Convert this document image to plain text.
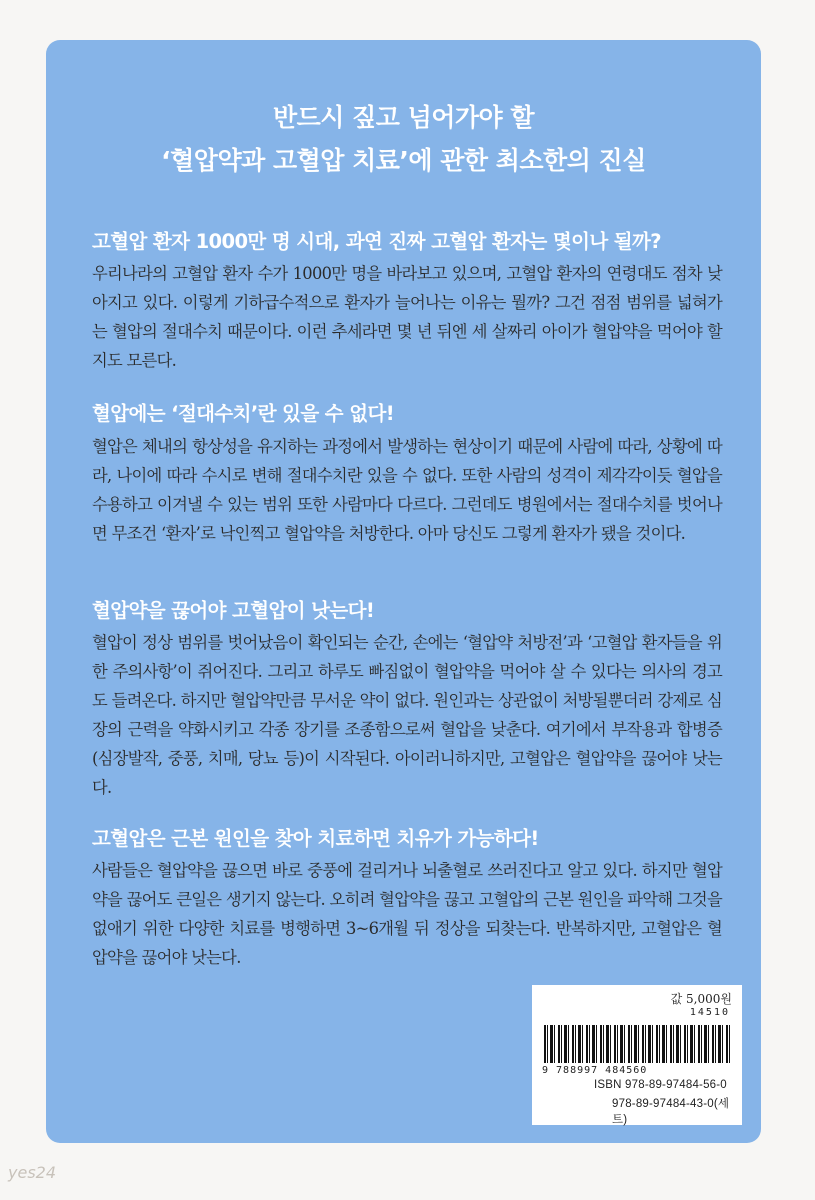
반드시 짚고 넘어가야 할
‘혈압약과 고혈압 치료’에 관한 최소한의 진실
고혈압 환자 1000만 명 시대, 과연 진짜 고혈압 환자는 몇이나 될까?

우리나라의 고혈압 환자 수가 1000만 명을 바라보고 있으며, 고혈압 환자의 연령대도 점차 낮아지고 있다. 이렇게 기하급수적으로 환자가 늘어나는 이유는 뭘까? 그건 점점 범위를 넓혀가는 혈압의 절대수치 때문이다. 이런 추세라면 몇 년 뒤엔 세 살짜리 아이가 혈압약을 먹어야 할지도 모른다.

혈압에는 ‘절대수치’란 있을 수 없다!

혈압은 체내의 항상성을 유지하는 과정에서 발생하는 현상이기 때문에 사람에 따라, 상황에 따라, 나이에 따라 수시로 변해 절대수치란 있을 수 없다. 또한 사람의 성격이 제각각이듯 혈압을 수용하고 이겨낼 수 있는 범위 또한 사람마다 다르다. 그런데도 병원에서는 절대수치를 벗어나면 무조건 ‘환자’로 낙인찍고 혈압약을 처방한다. 아마 당신도 그렇게 환자가 됐을 것이다.

혈압약을 끊어야 고혈압이 낫는다!

혈압이 정상 범위를 벗어났음이 확인되는 순간, 손에는 ‘혈압약 처방전’과 ‘고혈압 환자들을 위한 주의사항’이 쥐어진다. 그리고 하루도 빠짐없이 혈압약을 먹어야 살 수 있다는 의사의 경고도 들려온다. 하지만 혈압약만큼 무서운 약이 없다. 원인과는 상관없이 처방될뿐더러 강제로 심장의 근력을 약화시키고 각종 장기를 조종함으로써 혈압을 낮춘다. 여기에서 부작용과 합병증(심장발작, 중풍, 치매, 당뇨 등)이 시작된다. 아이러니하지만, 고혈압은 혈압약을 끊어야 낫는다.

고혈압은 근본 원인을 찾아 치료하면 치유가 가능하다!

사람들은 혈압약을 끊으면 바로 중풍에 걸리거나 뇌출혈로 쓰러진다고 알고 있다. 하지만 혈압약을 끊어도 큰일은 생기지 않는다. 오히려 혈압약을 끊고 고혈압의 근본 원인을 파악해 그것을 없애기 위한 다양한 치료를 병행하면 3~6개월 뒤 정상을 되찾는다. 반복하지만, 고혈압은 혈압약을 끊어야 낫는다.

값 5,000원
14510
9 788997 484560
ISBN 978-89-97484-56-0
978-89-97484-43-0(세트)
yes24
